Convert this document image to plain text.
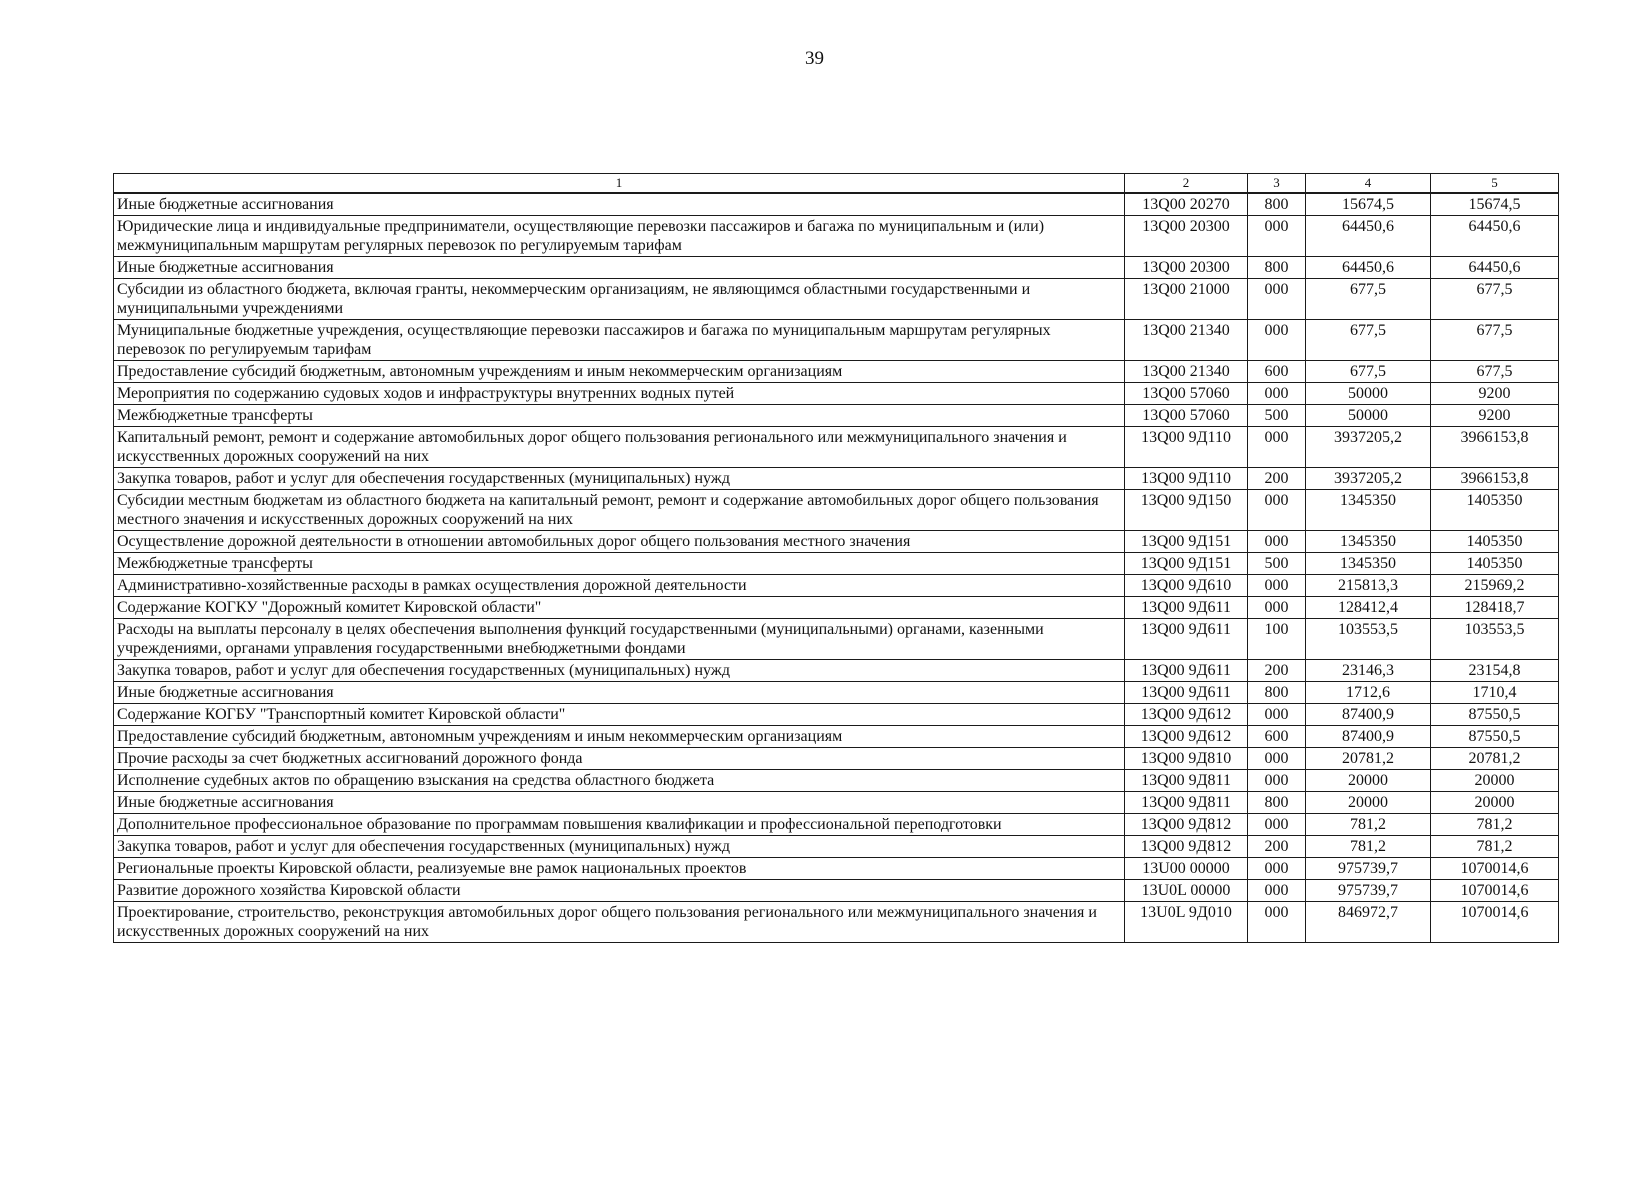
39
1	2	3	4	5
Иные бюджетные ассигнования	13Q00 20270	800	15674,5	15674,5
Юридические лица и индивидуальные предприниматели, осуществляющие перевозки пассажиров и багажа по муниципальным и (или) межмуниципальным маршрутам регулярных перевозок по регулируемым тарифам	13Q00 20300	000	64450,6	64450,6
Иные бюджетные ассигнования	13Q00 20300	800	64450,6	64450,6
Субсидии из областного бюджета, включая гранты, некоммерческим организациям, не являющимся областными государственными и муниципальными учреждениями	13Q00 21000	000	677,5	677,5
Муниципальные бюджетные учреждения, осуществляющие перевозки пассажиров и багажа по муниципальным маршрутам регулярных перевозок по регулируемым тарифам	13Q00 21340	000	677,5	677,5
Предоставление субсидий бюджетным, автономным учреждениям и иным некоммерческим организациям	13Q00 21340	600	677,5	677,5
Мероприятия по содержанию судовых ходов и инфраструктуры внутренних водных путей	13Q00 57060	000	50000	9200
Межбюджетные трансферты	13Q00 57060	500	50000	9200
Капитальный ремонт, ремонт и содержание автомобильных дорог общего пользования регионального или межмуниципального значения и искусственных дорожных сооружений на них	13Q00 9Д110	000	3937205,2	3966153,8
Закупка товаров, работ и услуг для обеспечения государственных (муниципальных) нужд	13Q00 9Д110	200	3937205,2	3966153,8
Субсидии местным бюджетам из областного бюджета на капитальный ремонт, ремонт и содержание автомобильных дорог общего пользования местного значения и искусственных дорожных сооружений на них	13Q00 9Д150	000	1345350	1405350
Осуществление дорожной деятельности в отношении автомобильных дорог общего пользования местного значения	13Q00 9Д151	000	1345350	1405350
Межбюджетные трансферты	13Q00 9Д151	500	1345350	1405350
Административно-хозяйственные расходы в рамках осуществления дорожной деятельности	13Q00 9Д610	000	215813,3	215969,2
Содержание КОГКУ "Дорожный комитет Кировской области"	13Q00 9Д611	000	128412,4	128418,7
Расходы на выплаты персоналу в целях обеспечения выполнения функций государственными (муниципальными) органами, казенными учреждениями, органами управления государственными внебюджетными фондами	13Q00 9Д611	100	103553,5	103553,5
Закупка товаров, работ и услуг для обеспечения государственных (муниципальных) нужд	13Q00 9Д611	200	23146,3	23154,8
Иные бюджетные ассигнования	13Q00 9Д611	800	1712,6	1710,4
Содержание КОГБУ "Транспортный комитет Кировской области"	13Q00 9Д612	000	87400,9	87550,5
Предоставление субсидий бюджетным, автономным учреждениям и иным некоммерческим организациям	13Q00 9Д612	600	87400,9	87550,5
Прочие расходы за счет бюджетных ассигнований дорожного фонда	13Q00 9Д810	000	20781,2	20781,2
Исполнение судебных актов по обращению взыскания на средства областного бюджета	13Q00 9Д811	000	20000	20000
Иные бюджетные ассигнования	13Q00 9Д811	800	20000	20000
Дополнительное профессиональное образование по программам повышения квалификации и профессиональной переподготовки	13Q00 9Д812	000	781,2	781,2
Закупка товаров, работ и услуг для обеспечения государственных (муниципальных) нужд	13Q00 9Д812	200	781,2	781,2
Региональные проекты Кировской области, реализуемые вне рамок национальных проектов	13U00 00000	000	975739,7	1070014,6
Развитие дорожного хозяйства Кировской области	13U0L 00000	000	975739,7	1070014,6
Проектирование, строительство, реконструкция автомобильных дорог общего пользования регионального или межмуниципального значения и искусственных дорожных сооружений на них	13U0L 9Д010	000	846972,7	1070014,6
